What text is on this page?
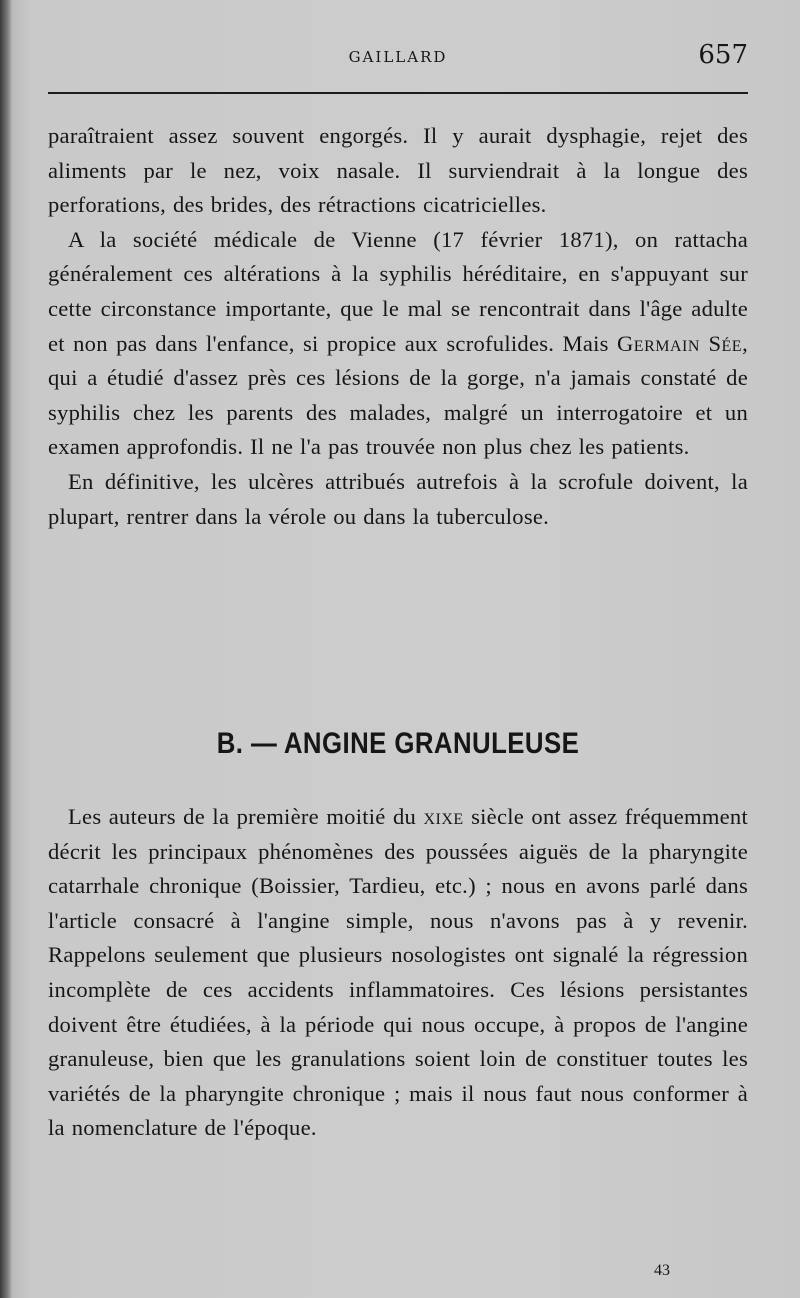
GAILLARD	657

paraîtraient assez souvent engorgés. Il y aurait dysphagie, rejet des aliments par le nez, voix nasale. Il surviendrait à la longue des perforations, des brides, des rétractions cicatricielles.

A la société médicale de Vienne (17 février 1871), on rattacha généralement ces altérations à la syphilis héréditaire, en s'appuyant sur cette circonstance importante, que le mal se rencontrait dans l'âge adulte et non pas dans l'enfance, si propice aux scrofulides. Mais Germain Sée, qui a étudié d'assez près ces lésions de la gorge, n'a jamais constaté de syphilis chez les parents des malades, malgré un interrogatoire et un examen approfondis. Il ne l'a pas trouvée non plus chez les patients.

En définitive, les ulcères attribués autrefois à la scrofule doivent, la plupart, rentrer dans la vérole ou dans la tuberculose.

B. — ANGINE GRANULEUSE

Les auteurs de la première moitié du xixe siècle ont assez fréquemment décrit les principaux phénomènes des poussées aiguës de la pharyngite catarrhale chronique (Boissier, Tardieu, etc.) ; nous en avons parlé dans l'article consacré à l'angine simple, nous n'avons pas à y revenir. Rappelons seulement que plusieurs nosologistes ont signalé la régression incomplète de ces accidents inflammatoires. Ces lésions persistantes doivent être étudiées, à la période qui nous occupe, à propos de l'angine granuleuse, bien que les granulations soient loin de constituer toutes les variétés de la pharyngite chronique ; mais il nous faut nous conformer à la nomenclature de l'époque.

43
